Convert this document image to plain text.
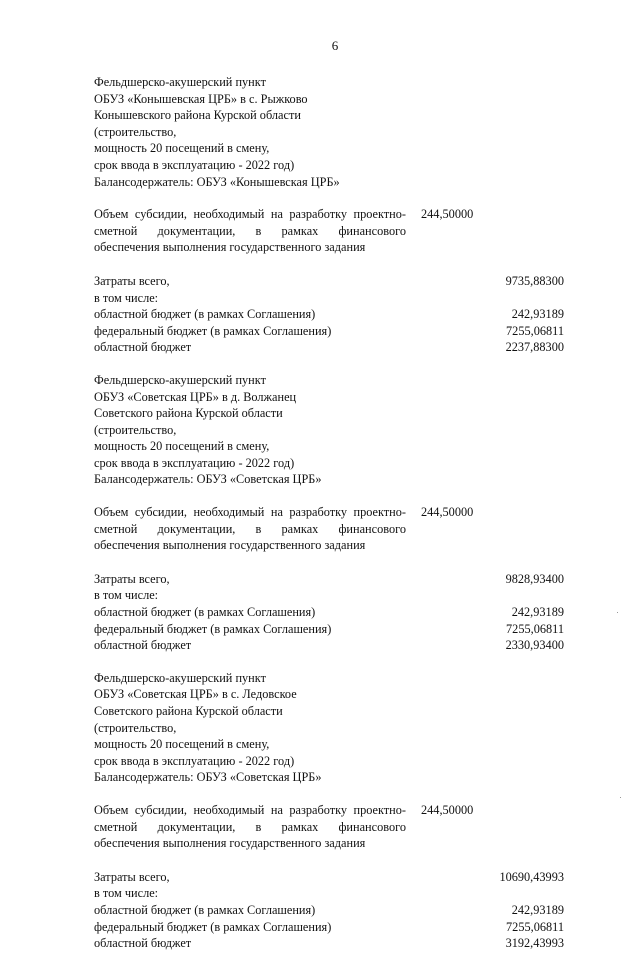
6
Фельдшерско-акушерский пункт
ОБУЗ «Конышевская ЦРБ» в с. Рыжково
Конышевского района Курской области
(строительство,
мощность 20 посещений в смену,
срок ввода в эксплуатацию - 2022 год)
Балансодержатель: ОБУЗ «Конышевская ЦРБ»
Объем субсидии, необходимый на разработку проектно-сметной документации, в рамках финансового обеспечения выполнения государственного задания
244,50000
Затраты всего,	9735,88300
в том числе:
областной бюджет (в рамках Соглашения)	242,93189
федеральный бюджет (в рамках Соглашения)	7255,06811
областной бюджет	2237,88300
Фельдшерско-акушерский пункт
ОБУЗ «Советская ЦРБ» в д. Волжанец
Советского района Курской области
(строительство,
мощность 20 посещений в смену,
срок ввода в эксплуатацию - 2022 год)
Балансодержатель: ОБУЗ «Советская ЦРБ»
Объем субсидии, необходимый на разработку проектно-сметной документации, в рамках финансового обеспечения выполнения государственного задания
244,50000
Затраты всего,	9828,93400
в том числе:
областной бюджет (в рамках Соглашения)	242,93189
федеральный бюджет (в рамках Соглашения)	7255,06811
областной бюджет	2330,93400
Фельдшерско-акушерский пункт
ОБУЗ «Советская ЦРБ» в с. Ледовское
Советского района Курской области
(строительство,
мощность 20 посещений в смену,
срок ввода в эксплуатацию - 2022 год)
Балансодержатель: ОБУЗ «Советская ЦРБ»
Объем субсидии, необходимый на разработку проектно-сметной документации, в рамках финансового обеспечения выполнения государственного задания
244,50000
Затраты всего,	10690,43993
в том числе:
областной бюджет (в рамках Соглашения)	242,93189
федеральный бюджет (в рамках Соглашения)	7255,06811
областной бюджет	3192,43993
